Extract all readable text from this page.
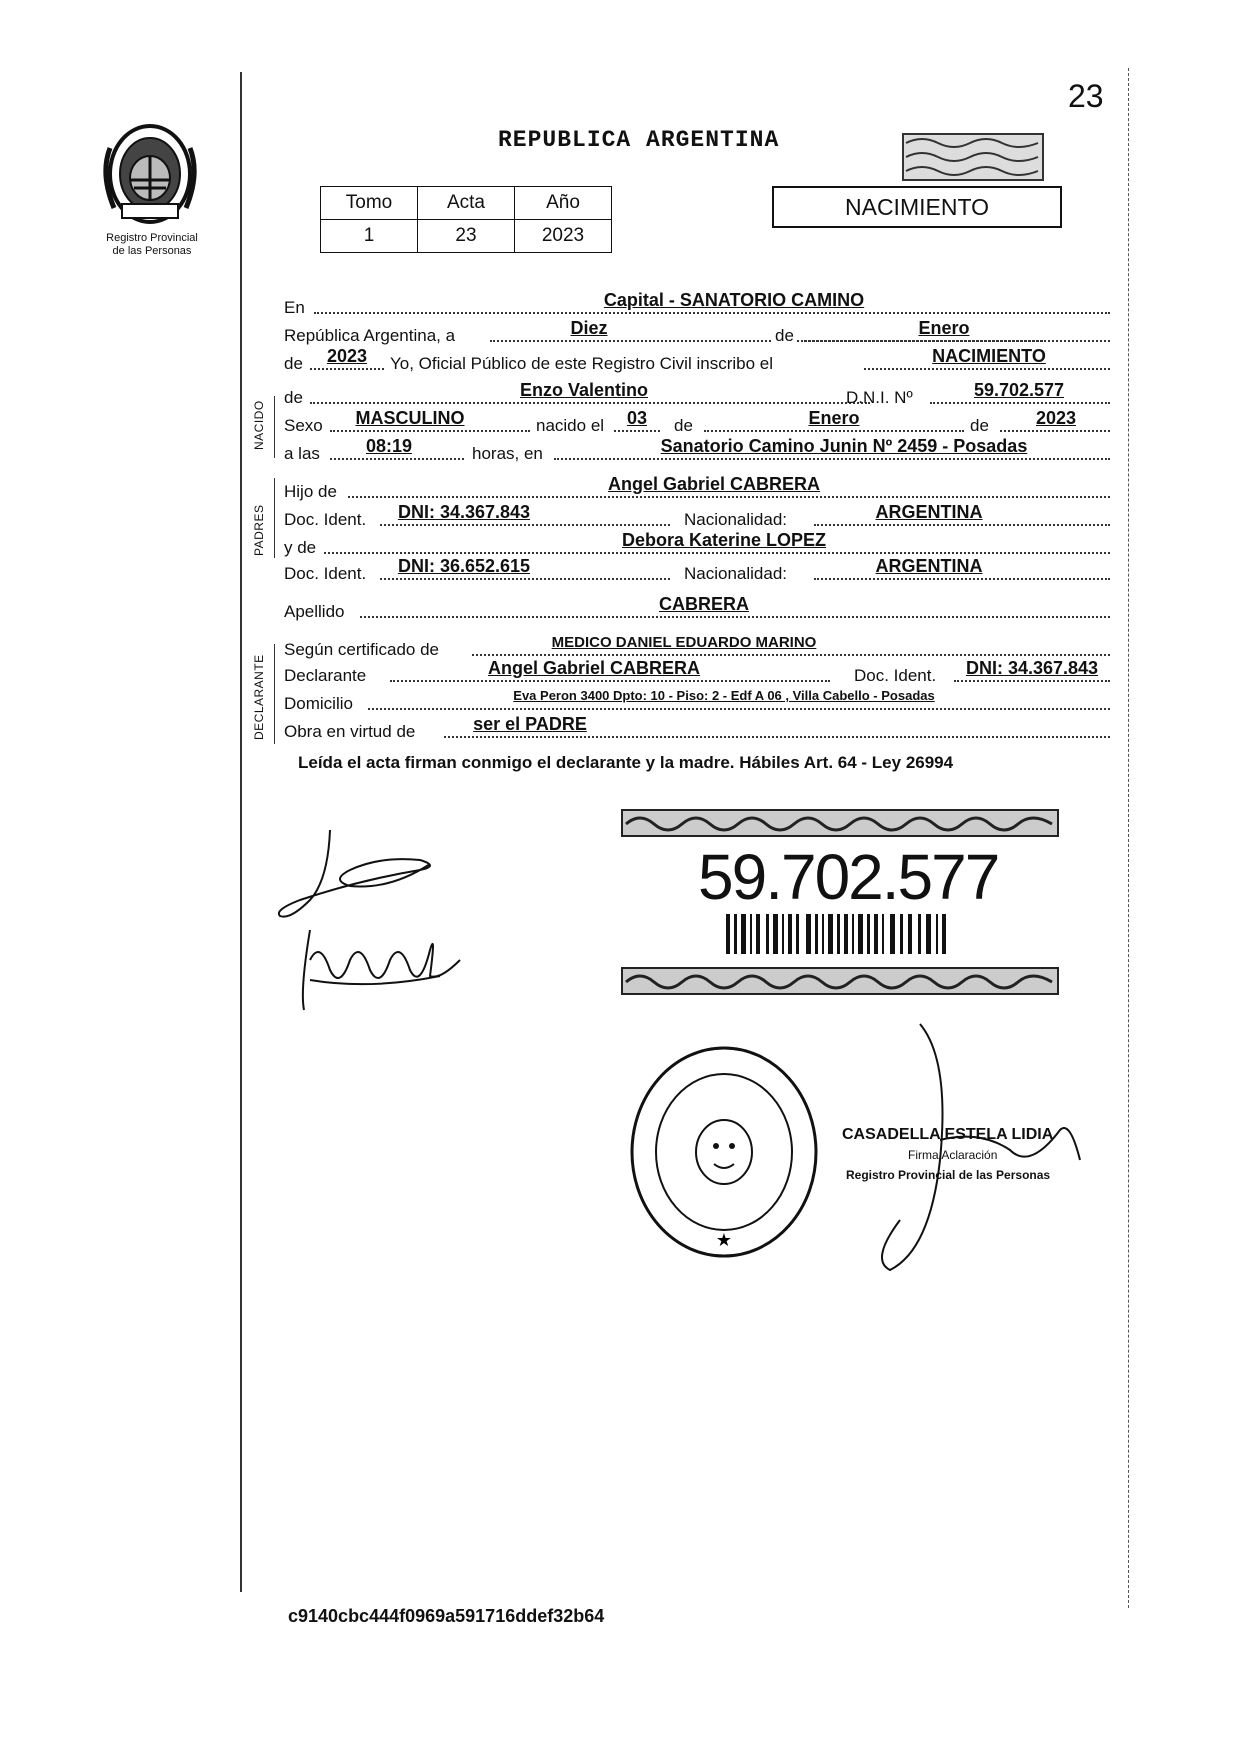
23
Registro Provincial
de las Personas
REPUBLICA ARGENTINA
Tomo	Acta	Año
1	23	2023
NACIMIENTO
NACIDO
PADRES
DECLARANTE
En	Capital - SANATORIO CAMINO
República Argentina, a	Diez	de	Enero
de	2023	Yo, Oficial Público de este Registro Civil inscribo el	NACIMIENTO
de	Enzo Valentino	D.N.I. Nº	59.702.577
Sexo	MASCULINO	nacido el	03	de	Enero	de	2023
a las	08:19	horas, en	Sanatorio Camino Junin Nº 2459 - Posadas
Hijo de	Angel Gabriel CABRERA
Doc. Ident.	DNI: 34.367.843	Nacionalidad:	ARGENTINA
y de	Debora Katerine LOPEZ
Doc. Ident.	DNI: 36.652.615	Nacionalidad:	ARGENTINA
Apellido	CABRERA
Según certificado de	MEDICO DANIEL EDUARDO MARINO
Declarante	Angel Gabriel CABRERA	Doc. Ident.	DNI: 34.367.843
Domicilio	Eva Peron 3400 Dpto: 10 - Piso: 2 - Edf A 06 , Villa Cabello - Posadas
Obra en virtud de	ser el PADRE
Leída el acta firman conmigo el declarante y la madre. Hábiles Art. 64 - Ley 26994
59.702.577
★
CASADELLA ESTELA LIDIA
Firma Aclaración
Registro Provincial de las Personas
c9140cbc444f0969a591716ddef32b64
